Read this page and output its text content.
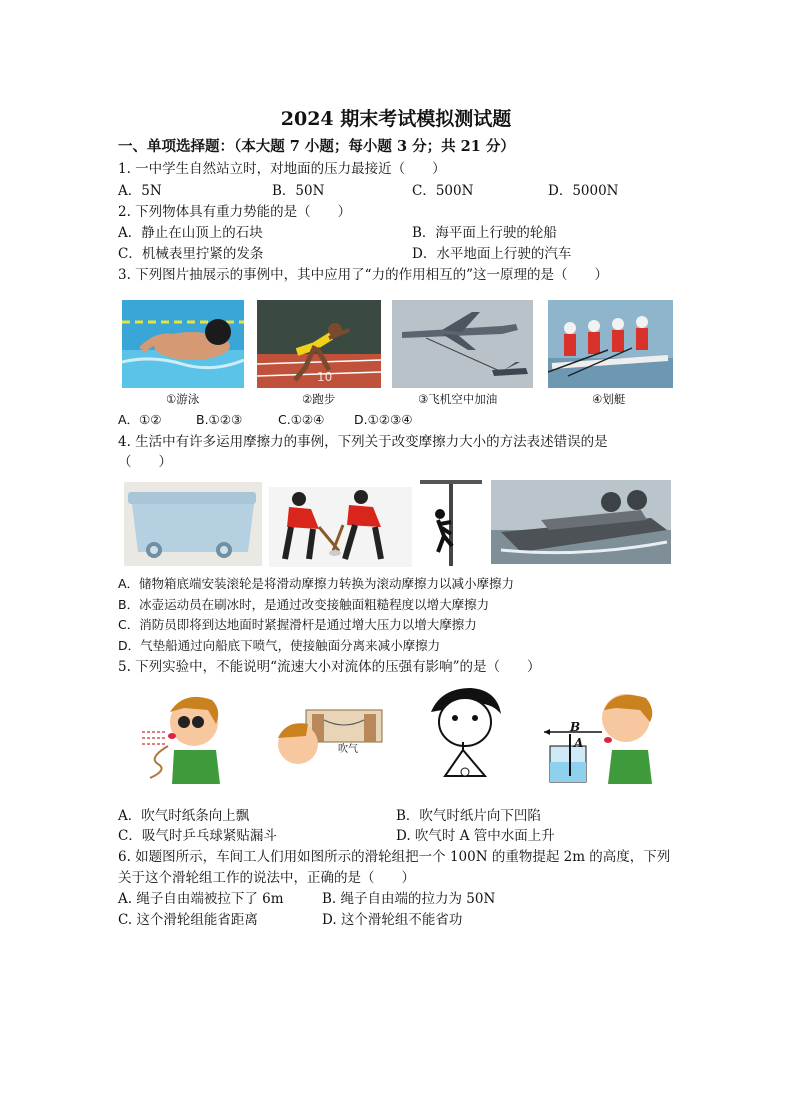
2024 期末考试模拟测试题
一、单项选择题：（本大题 7 小题；每小题 3 分；共 21 分）
1. 一中学生自然站立时，对地面的压力最接近（　　）
A．5N	B．50N	C．500N	D．5000N
2. 下列物体具有重力势能的是（　　）
A．静止在山顶上的石块	B．海平面上行驶的轮船
C．机械表里拧紧的发条	D．水平地面上行驶的汽车
3. 下列图片抽展示的事例中，其中应用了“力的作用相互的”这一原理的是（　　）
10
①游泳	②跑步	③飞机空中加油	④划艇
A．①②	B.①②③	C.①②④ D.①②③④
4. 生活中有许多运用摩擦力的事例，下列关于改变摩擦力大小的方法表述错误的是
（　　）
A．储物箱底端安装滚轮是将滑动摩擦力转换为滚动摩擦力以减小摩擦力
B．冰壶运动员在刷冰时，是通过改变接触面粗糙程度以增大摩擦力
C．消防员即将到达地面时紧握滑杆是通过增大压力以增大摩擦力
D．气垫船通过向船底下喷气，使接触面分离来减小摩擦力
5. 下列实验中，不能说明“流速大小对流体的压强有影响”的是（　　）
吹气
B
A
A．吹气时纸条向上飘	B．吹气时纸片向下凹陷
C．吸气时乒乓球紧贴漏斗	D. 吹气时 A 管中水面上升
6. 如题图所示，车间工人们用如图所示的滑轮组把一个 100N 的重物提起 2m 的高度，下列
关于这个滑轮组工作的说法中，正确的是（　　）
A. 绳子自由端被拉下了 6m	B. 绳子自由端的拉力为 50N
C. 这个滑轮组能省距离	D. 这个滑轮组不能省功
